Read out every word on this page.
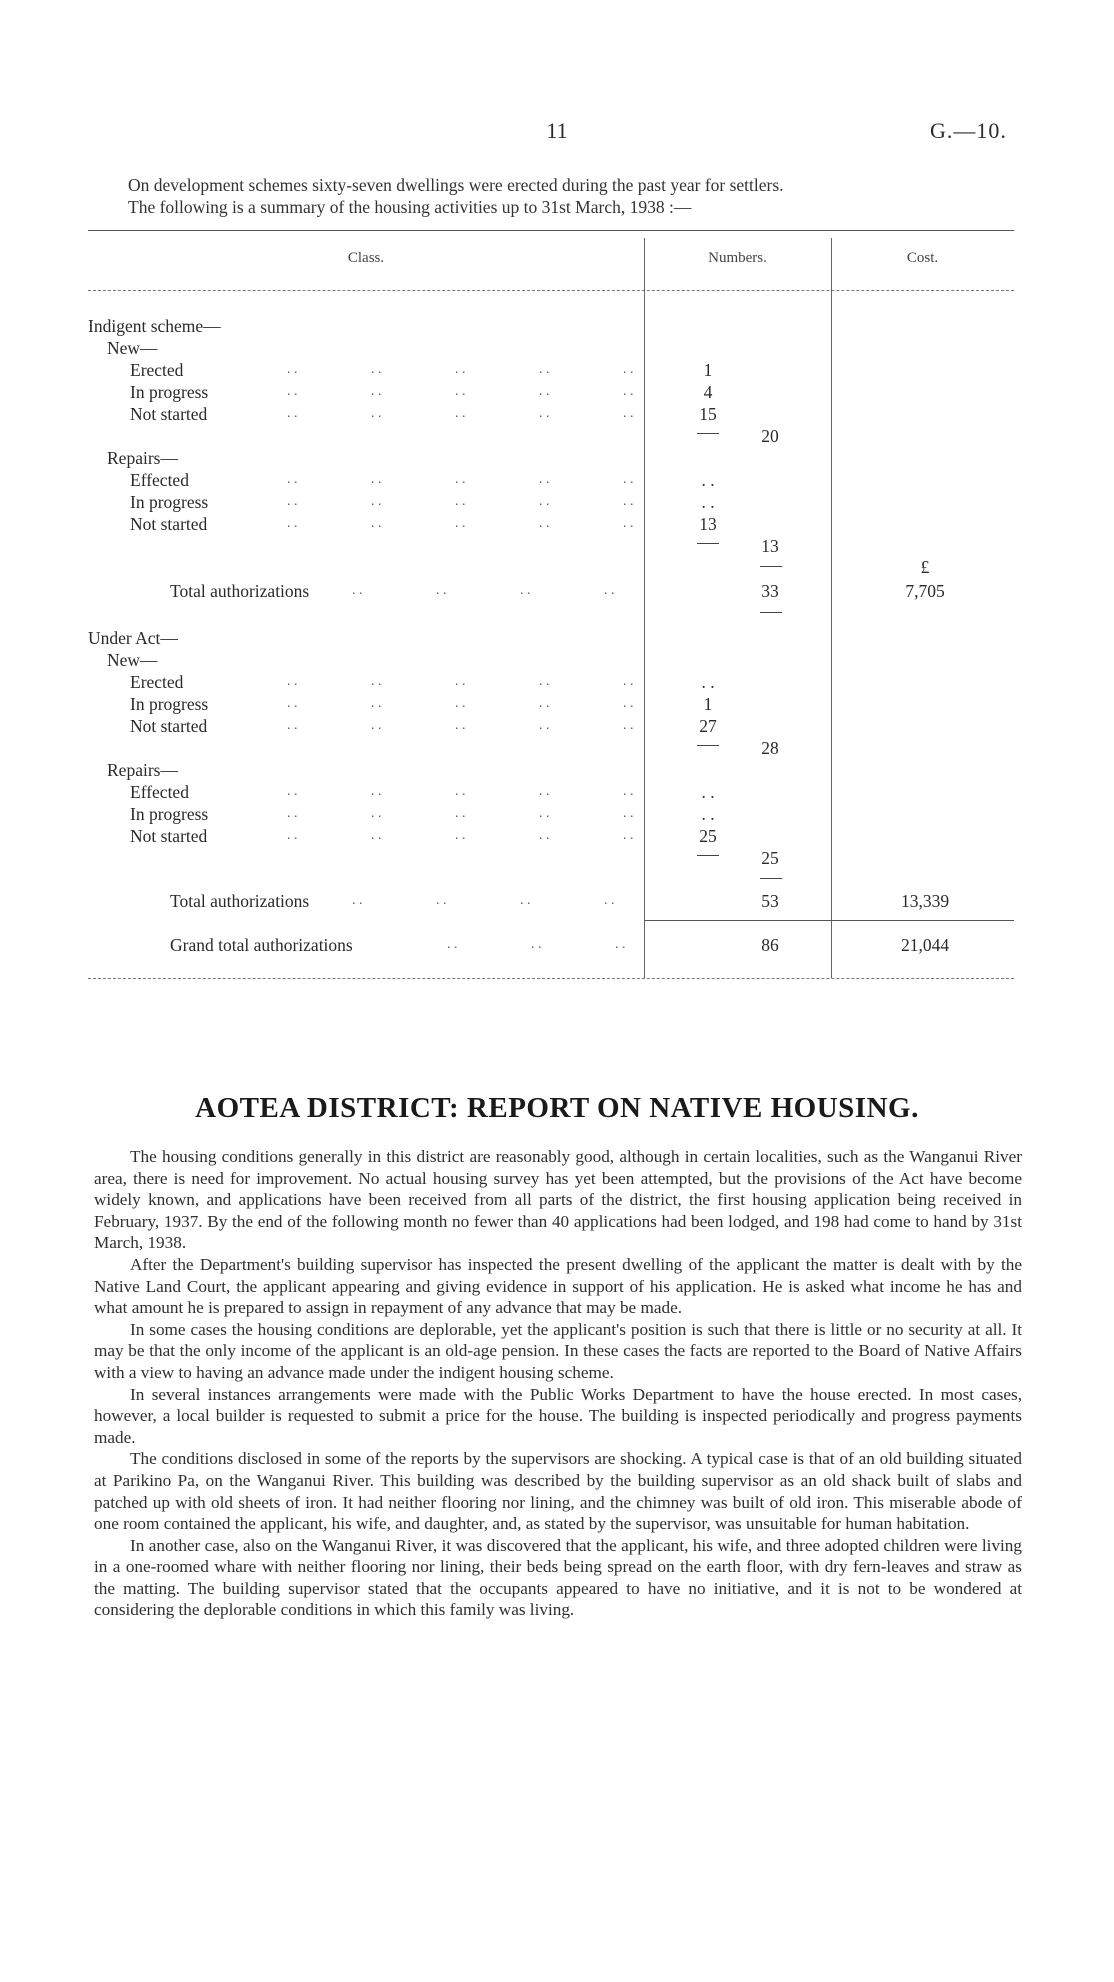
11	G.—10.

On development schemes sixty-seven dwellings were erected during the past year for settlers.

The following is a summary of the housing activities up to 31st March, 1938 :—

Class.	Numbers.	Cost.
Indigent scheme—
New—
Erected	. .	. .	. .	. .	. .	1
In progress	. .	. .	. .	. .	. .	4
Not started	. .	. .	. .	. .	. .	15
20
Repairs—
Effected	. .	. .	. .	. .	. .	. .
In progress	. .	. .	. .	. .	. .	. .
Not started	. .	. .	. .	. .	. .	13
13
£
Total authorizations	. .	. .	. .	. .	33	7,705
Under Act—
New—
Erected	. .	. .	. .	. .	. .	. .
In progress	. .	. .	. .	. .	. .	1
Not started	. .	. .	. .	. .	. .	27
28
Repairs—
Effected	. .	. .	. .	. .	. .	. .
In progress	. .	. .	. .	. .	. .	. .
Not started	. .	. .	. .	. .	. .	25
25
Total authorizations	. .	. .	. .	. .	53	13,339
Grand total authorizations	. .	. .	. .	86	21,044
AOTEA DISTRICT: REPORT ON NATIVE HOUSING.

The housing conditions generally in this district are reasonably good, although in certain localities, such as the Wanganui River area, there is need for improvement. No actual housing survey has yet been attempted, but the provisions of the Act have become widely known, and applications have been received from all parts of the district, the first housing application being received in February, 1937. By the end of the following month no fewer than 40 applications had been lodged, and 198 had come to hand by 31st March, 1938.

After the Department's building supervisor has inspected the present dwelling of the applicant the matter is dealt with by the Native Land Court, the applicant appearing and giving evidence in support of his application. He is asked what income he has and what amount he is prepared to assign in repayment of any advance that may be made.

In some cases the housing conditions are deplorable, yet the applicant's position is such that there is little or no security at all. It may be that the only income of the applicant is an old-age pension. In these cases the facts are reported to the Board of Native Affairs with a view to having an advance made under the indigent housing scheme.

In several instances arrangements were made with the Public Works Department to have the house erected. In most cases, however, a local builder is requested to submit a price for the house. The building is inspected periodically and progress payments made.

The conditions disclosed in some of the reports by the supervisors are shocking. A typical case is that of an old building situated at Parikino Pa, on the Wanganui River. This building was described by the building supervisor as an old shack built of slabs and patched up with old sheets of iron. It had neither flooring nor lining, and the chimney was built of old iron. This miserable abode of one room contained the applicant, his wife, and daughter, and, as stated by the supervisor, was unsuitable for human habitation.

In another case, also on the Wanganui River, it was discovered that the applicant, his wife, and three adopted children were living in a one-roomed whare with neither flooring nor lining, their beds being spread on the earth floor, with dry fern-leaves and straw as the matting. The building supervisor stated that the occupants appeared to have no initiative, and it is not to be wondered at considering the deplorable conditions in which this family was living.
